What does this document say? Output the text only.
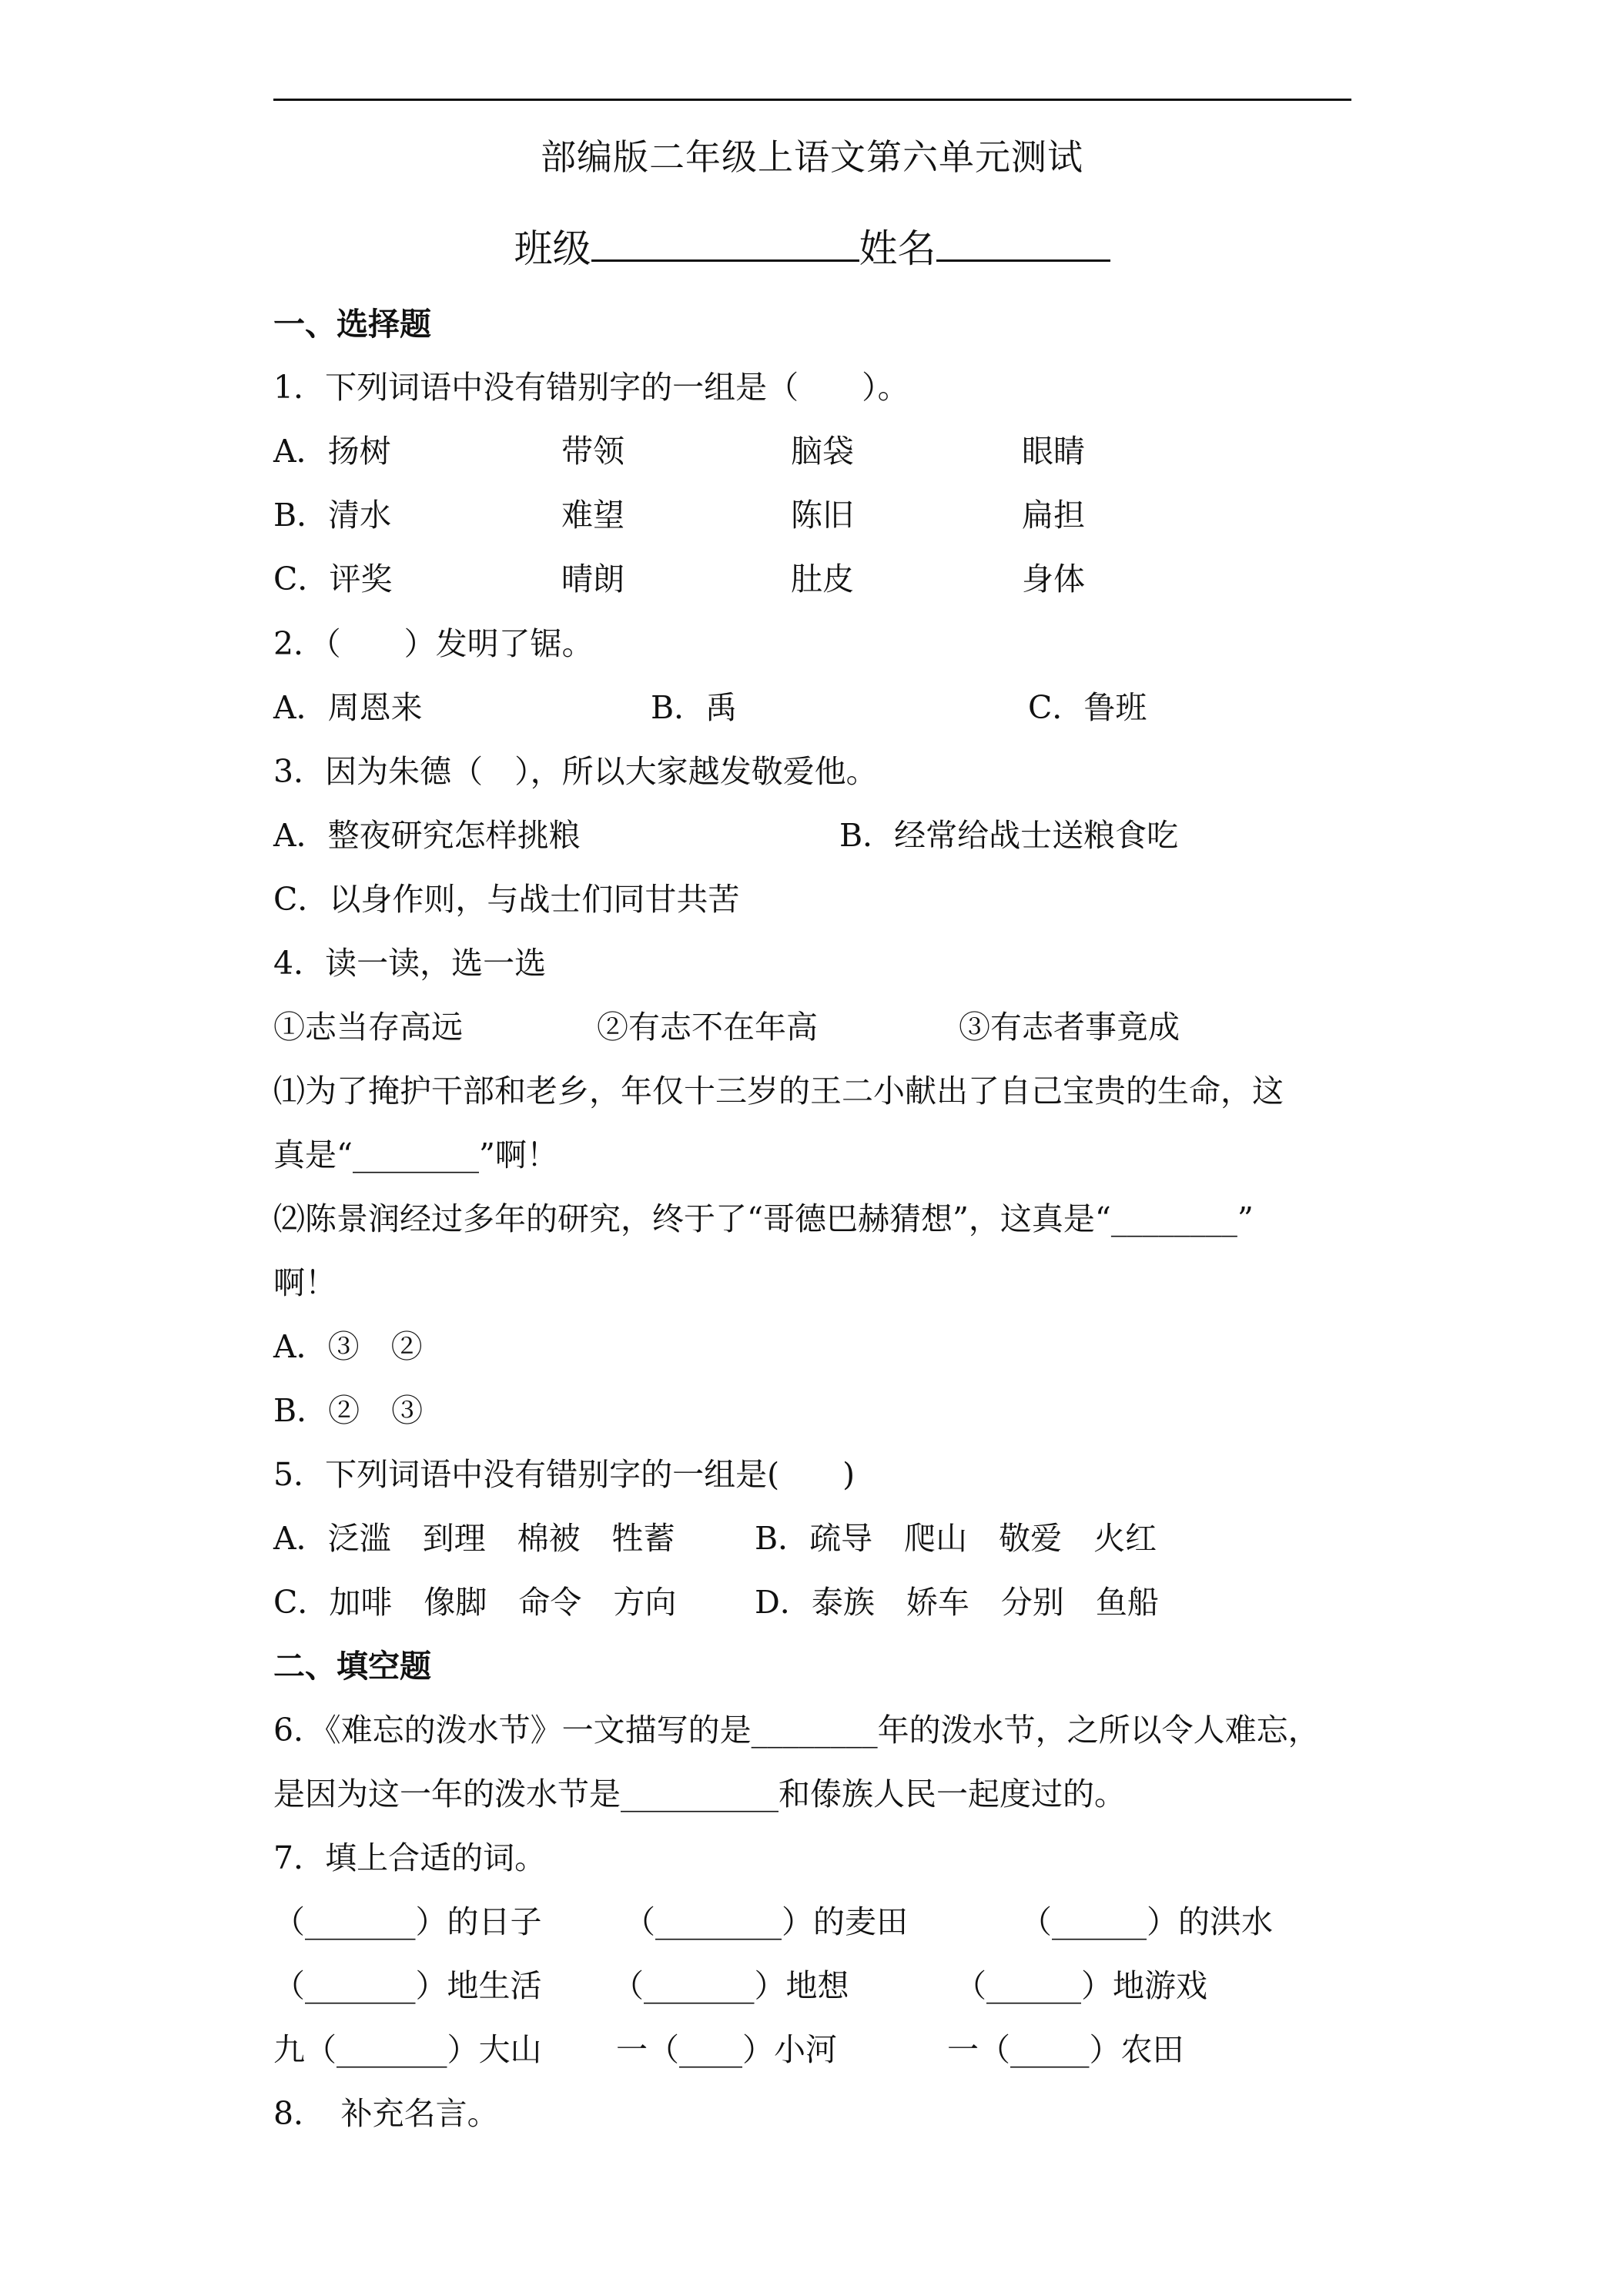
部编版二年级上语文第六单元测试
班级	姓名
一、选择题
1．下列词语中没有错别字的一组是（　　）。
A．扬树	带领	脑袋	眼睛
B．清水	难望	陈旧	扁担
C．评奖	晴朗	肚皮	身体
2．（　　）发明了锯。
A．周恩来	B．禹	C．鲁班
3．因为朱德（　），所以大家越发敬爱他。
A．整夜研究怎样挑粮	B．经常给战士送粮食吃
C．以身作则，与战士们同甘共苦
4．读一读，选一选
①志当存高远	②有志不在年高	③有志者事竟成
⑴为了掩护干部和老乡，年仅十三岁的王二小献出了自己宝贵的生命，这
真是“________”啊！
⑵陈景润经过多年的研究，终于了“哥德巴赫猜想”，这真是“________”
啊！
A．③　②
B．②　③
5．下列词语中没有错别字的一组是(　　)
A．泛滥　到理　棉被　牲蓄	B．疏导　爬山　敬爱　火红
C．加啡　像脚　命令　方向 D．泰族　娇车　分别　鱼船
二、填空题
6．《难忘的泼水节》一文描写的是________年的泼水节，之所以令人难忘，
是因为这一年的泼水节是__________和傣族人民一起度过的。
7．填上合适的词。
（_______）的日子	（________）的麦田	（______）的洪水
（_______）地生活 （_______）地想	（______）地游戏
九（_______）大山 一（____）小河	一（_____）农田
8．　补充名言。
